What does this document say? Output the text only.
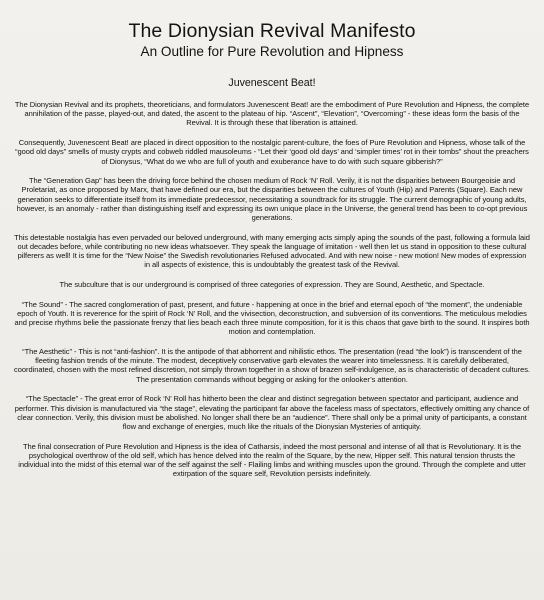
The Dionysian Revival Manifesto
An Outline for Pure Revolution and Hipness
Juvenescent Beat!

The Dionysian Revival and its prophets, theoreticians, and formulators Juvenescent Beat! are the embodiment of Pure Revolution and Hipness, the complete annihilation of the passe, played-out, and dated, the ascent to the plateau of hip. “Ascent”, “Elevation”, “Overcoming” - these ideas form the basis of the Revival. It is through these that liberation is attained.

Consequently, Juvenescent Beat! are placed in direct opposition to the nostalgic parent-culture, the foes of Pure Revolution and Hipness, whose talk of the “good old days” smells of musty crypts and cobweb riddled mausoleums - “Let their ‘good old days’ and ‘simpler times’ rot in their tombs” shout the preachers of Dionysus, “What do we who are full of youth and exuberance have to do with such square gibberish?”

The “Generation Gap” has been the driving force behind the chosen medium of Rock ‘N’ Roll. Verily, it is not the disparities between Bourgeoisie and Proletariat, as once proposed by Marx, that have defined our era, but the disparities between the cultures of Youth (Hip) and Parents (Square). Each new generation seeks to differentiate itself from its immediate predecessor, necessitating a soundtrack for its struggle. The current demographic of young adults, however, is an anomaly - rather than distinguishing itself and expressing its own unique place in the Universe, the general trend has been to co-opt previous generations.

This detestable nostalgia has even pervaded our beloved underground, with many emerging acts simply aping the sounds of the past, following a formula laid out decades before, while contributing no new ideas whatsoever. They speak the language of imitation - well then let us stand in opposition to these cultural pilferers as well! It is time for the “New Noise” the Swedish revolutionaries Refused advocated. And with new noise - new motion! New modes of expression in all aspects of existence, this is undoubtably the greatest task of the Revival.

The subculture that is our underground is comprised of three categories of expression. They are Sound, Aesthetic, and Spectacle.

“The Sound” - The sacred conglomeration of past, present, and future - happening at once in the brief and eternal epoch of “the moment”, the undeniable epoch of Youth. It is reverence for the spirit of Rock ‘N’ Roll, and the vivisection, deconstruction, and subversion of its conventions. The meticulous melodies and precise rhythms belie the passionate frenzy that lies beach each three minute composition, for it is this chaos that gave birth to the sound. It inspires both motion and contemplation.

“The Aesthetic” - This is not “anti-fashion”. It is the antipode of that abhorrent and nihilistic ethos. The presentation (read “the look”) is transcendent of the fleeting fashion trends of the minute. The modest, deceptively conservative garb elevates the wearer into timelessness. It is carefully deliberated, coordinated, chosen with the most refined discretion, not simply thrown together in a show of brazen self-indulgence, as is characteristic of decadent cultures. The presentation commands without begging or asking for the onlooker’s attention.

“The Spectacle” - The great error of Rock ‘N’ Roll has hitherto been the clear and distinct segregation between spectator and participant, audience and performer. This division is manufactured via “the stage”, elevating the participant far above the faceless mass of spectators, effectively omitting any chance of clear connection. Verily, this division must be abolished. No longer shall there be an “audience”. There shall only be a primal unity of participants, a constant flow and exchange of energies, much like the rituals of the Dionysian Mysteries of antiquity.

The final consecration of Pure Revolution and Hipness is the idea of Catharsis, indeed the most personal and intense of all that is Revolutionary. It is the psychological overthrow of the old self, which has hence delved into the realm of the Square, by the new, Hipper self. This natural tension thrusts the individual into the midst of this eternal war of the self against the self - Flailing limbs and writhing muscles upon the ground. Through the complete and utter extirpation of the square self, Revolution persists indefinitely.
